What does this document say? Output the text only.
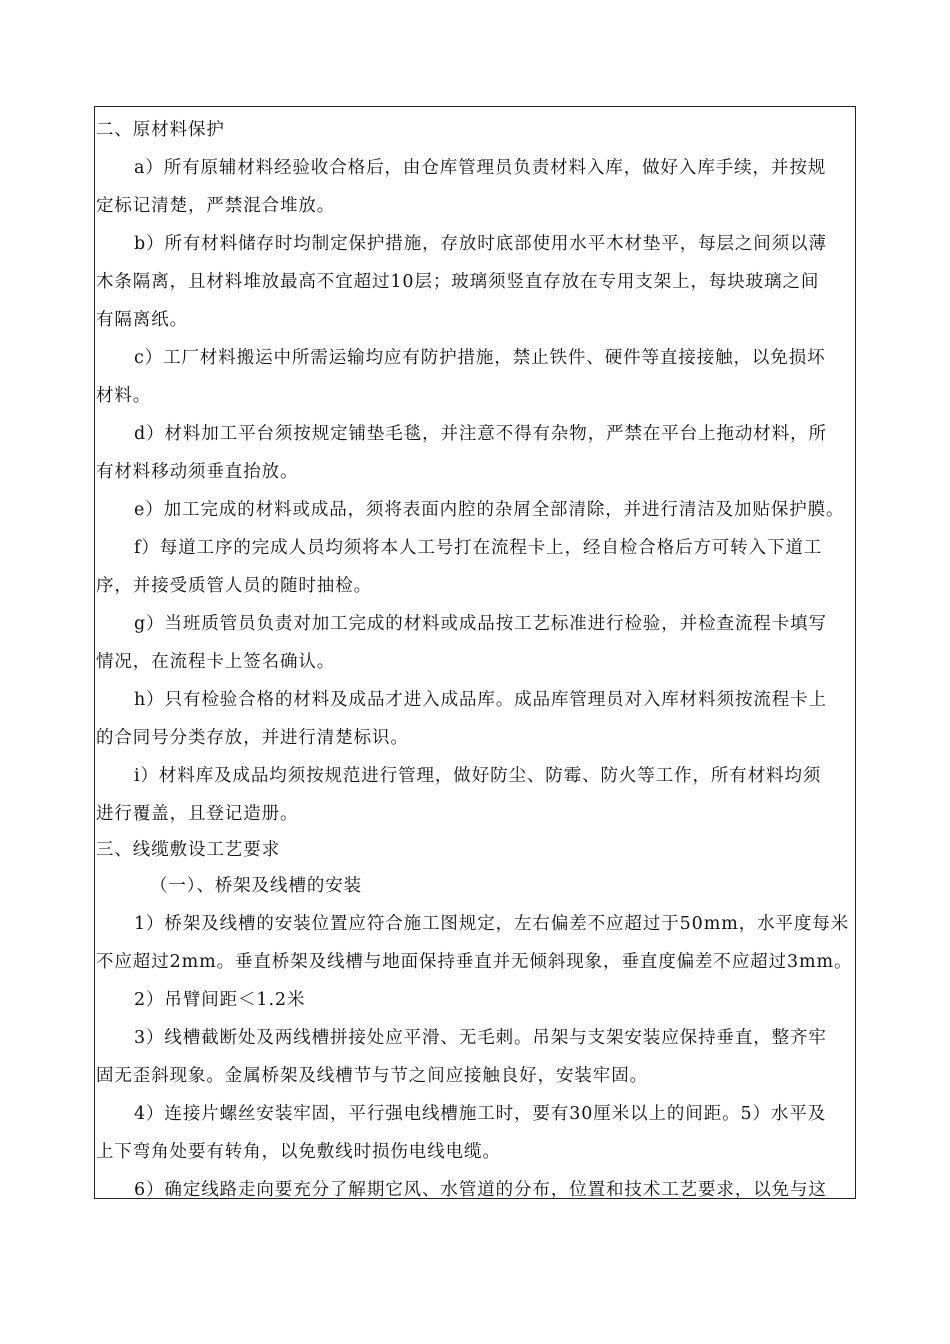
二、原材料保护
a）所有原辅材料经验收合格后，由仓库管理员负责材料入库，做好入库手续，并按规
定标记清楚，严禁混合堆放。
b）所有材料储存时均制定保护措施，存放时底部使用水平木材垫平，每层之间须以薄
木条隔离，且材料堆放最高不宜超过10层；玻璃须竖直存放在专用支架上，每块玻璃之间
有隔离纸。
c）工厂材料搬运中所需运输均应有防护措施，禁止铁件、硬件等直接接触，以免损坏
材料。
d）材料加工平台须按规定铺垫毛毯，并注意不得有杂物，严禁在平台上拖动材料，所
有材料移动须垂直抬放。
e）加工完成的材料或成品，须将表面内腔的杂屑全部清除，并进行清洁及加贴保护膜。
f）每道工序的完成人员均须将本人工号打在流程卡上，经自检合格后方可转入下道工
序，并接受质管人员的随时抽检。
g）当班质管员负责对加工完成的材料或成品按工艺标准进行检验，并检查流程卡填写
情况，在流程卡上签名确认。
h）只有检验合格的材料及成品才进入成品库。成品库管理员对入库材料须按流程卡上
的合同号分类存放，并进行清楚标识。
i）材料库及成品均须按规范进行管理，做好防尘、防霉、防火等工作，所有材料均须
进行覆盖，且登记造册。
三、线缆敷设工艺要求
（一）、桥架及线槽的安装
1）桥架及线槽的安装位置应符合施工图规定，左右偏差不应超过于50mm，水平度每米
不应超过2mm。垂直桥架及线槽与地面保持垂直并无倾斜现象，垂直度偏差不应超过3mm。
2）吊臂间距＜1.2米
3）线槽截断处及两线槽拼接处应平滑、无毛刺。吊架与支架安装应保持垂直，整齐牢
固无歪斜现象。金属桥架及线槽节与节之间应接触良好，安装牢固。
4）连接片螺丝安装牢固，平行强电线槽施工时，要有30厘米以上的间距。5）水平及
上下弯角处要有转角，以免敷线时损伤电线电缆。
6）确定线路走向要充分了解期它风、水管道的分布，位置和技术工艺要求，以免与这
